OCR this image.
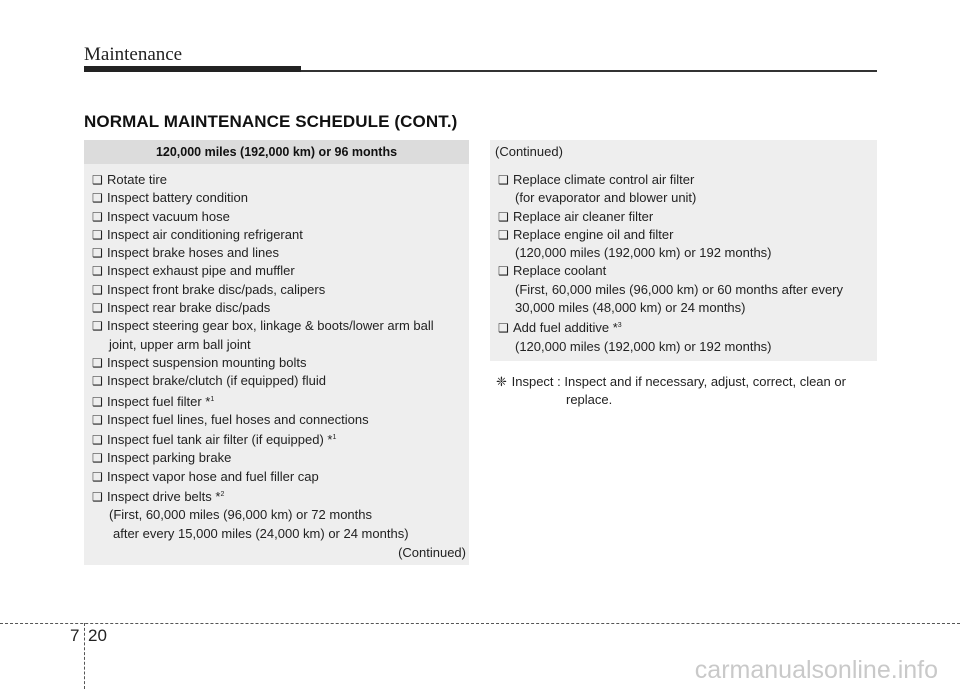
Maintenance
NORMAL MAINTENANCE SCHEDULE (CONT.)
120,000 miles (192,000 km) or 96 months
❑ Rotate tire
❑ Inspect battery condition
❑ Inspect vacuum hose
❑ Inspect air conditioning refrigerant
❑ Inspect brake hoses and lines
❑ Inspect exhaust pipe and muffler
❑ Inspect front brake disc/pads, calipers
❑ Inspect rear brake disc/pads
❑ Inspect steering gear box, linkage & boots/lower arm ball
joint, upper arm ball joint
❑ Inspect suspension mounting bolts
❑ Inspect brake/clutch (if equipped) fluid
❑ Inspect fuel filter *$^1$
❑ Inspect fuel lines, fuel hoses and connections
❑ Inspect fuel tank air filter (if equipped) *$^1$
❑ Inspect parking brake
❑ Inspect vapor hose and fuel filler cap
❑ Inspect drive belts *$^2$
(First, 60,000 miles (96,000 km) or 72 months
after every 15,000 miles (24,000 km) or 24 months)
(Continued)
(Continued)
❑ Replace climate control air filter
(for evaporator and blower unit)
❑ Replace air cleaner filter
❑ Replace engine oil and filter
(120,000 miles (192,000 km) or 192 months)
❑ Replace coolant
(First, 60,000 miles (96,000 km) or 60 months after every
30,000 miles (48,000 km) or 24 months)
❑ Add fuel additive *$^3$
(120,000 miles (192,000 km) or 192 months)
❈ Inspect : Inspect and if necessary, adjust, correct, clean or
replace.
7 20
carmanualsonline.info
